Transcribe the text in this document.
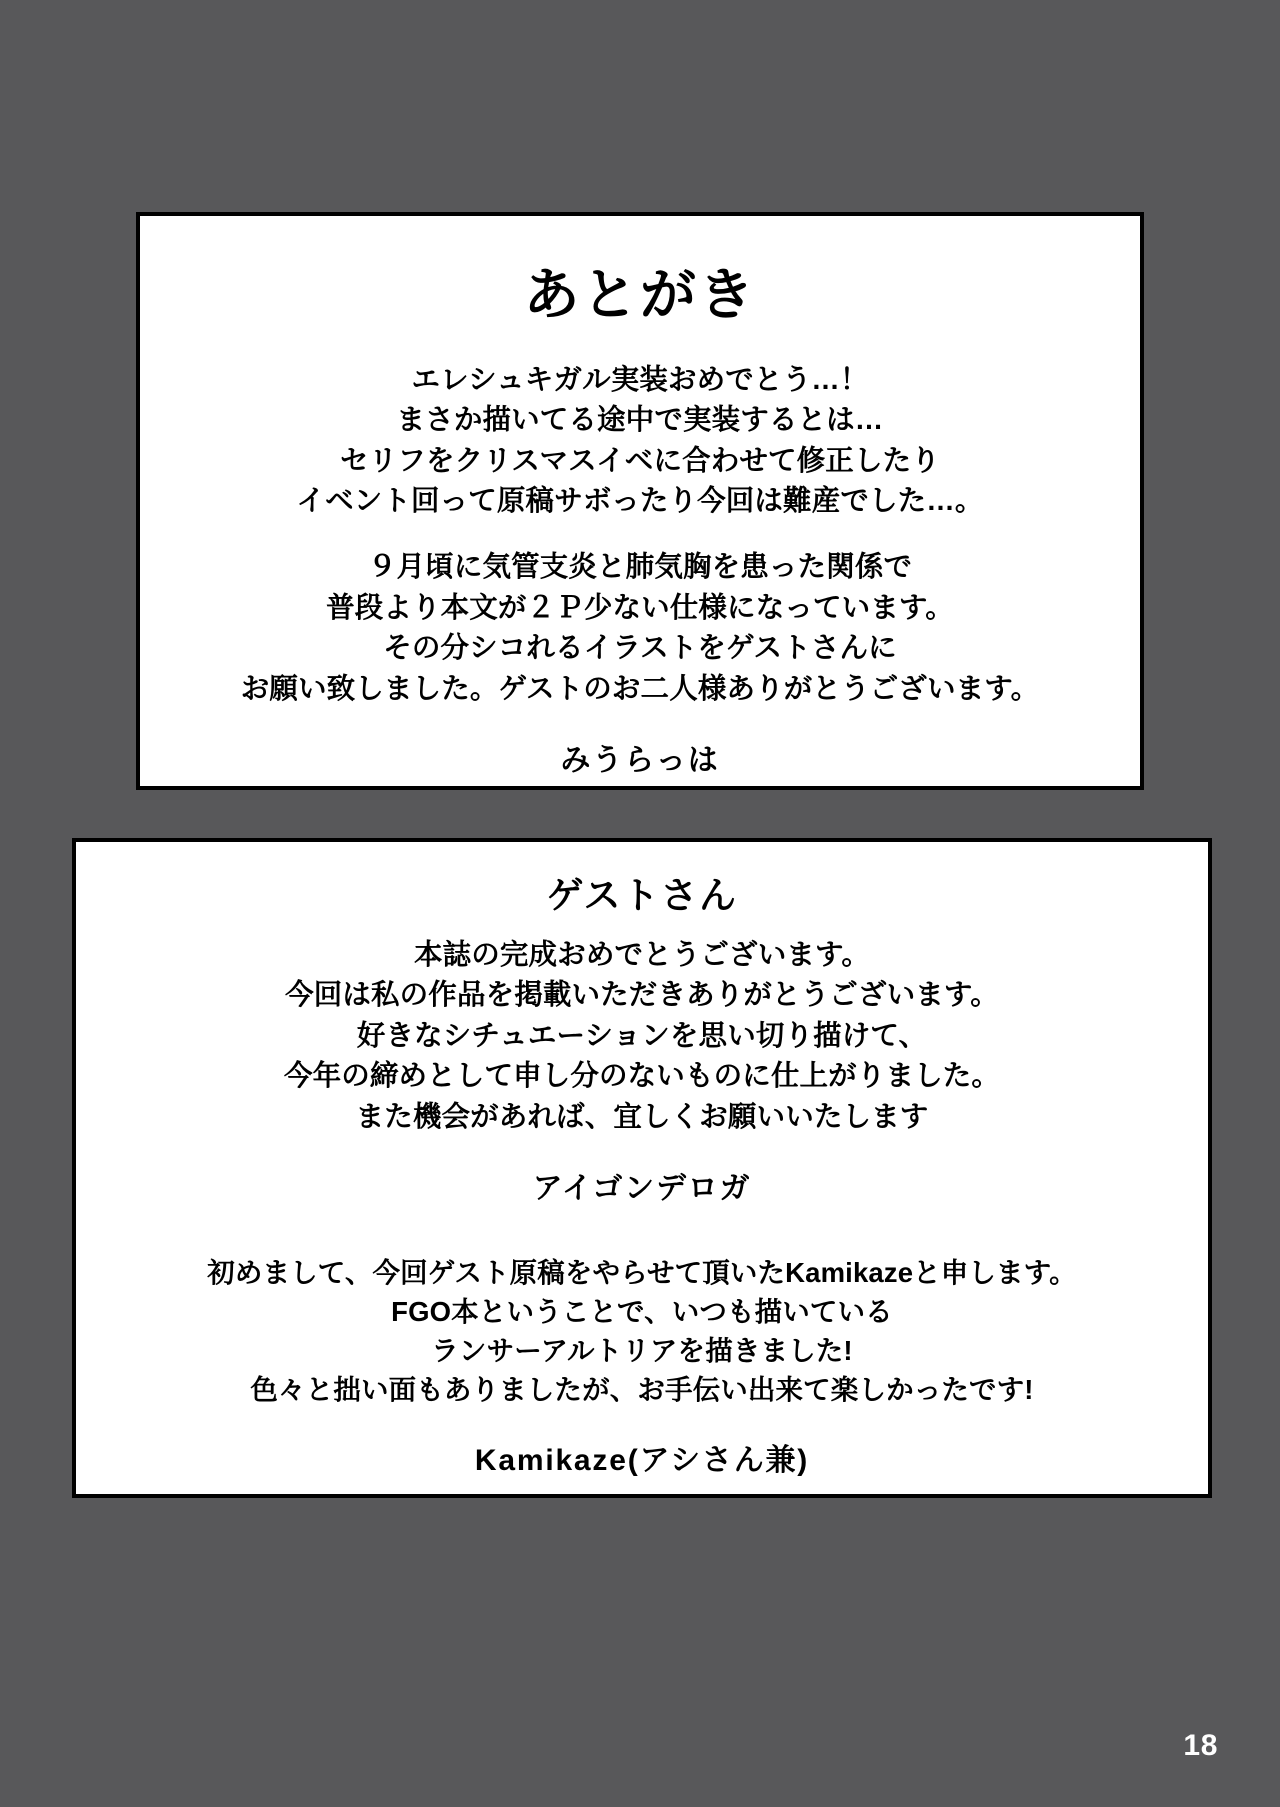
あとがき
エレシュキガル実装おめでとう…！
まさか描いてる途中で実装するとは…
セリフをクリスマスイベに合わせて修正したり
イベント回って原稿サボったり今回は難産でした…。
９月頃に気管支炎と肺気胸を患った関係で
普段より本文が２Ｐ少ない仕様になっています。
その分シコれるイラストをゲストさんに
お願い致しました。ゲストのお二人様ありがとうございます。
みうらっは
ゲストさん
本誌の完成おめでとうございます。
今回は私の作品を掲載いただきありがとうございます。
好きなシチュエーションを思い切り描けて、
今年の締めとして申し分のないものに仕上がりました。
また機会があれば、宜しくお願いいたします
アイゴンデロガ
初めまして、今回ゲスト原稿をやらせて頂いたKamikazeと申します。
FGO本ということで、いつも描いている
ランサーアルトリアを描きました!
色々と拙い面もありましたが、お手伝い出来て楽しかったです!
Kamikaze(アシさん兼)
18
